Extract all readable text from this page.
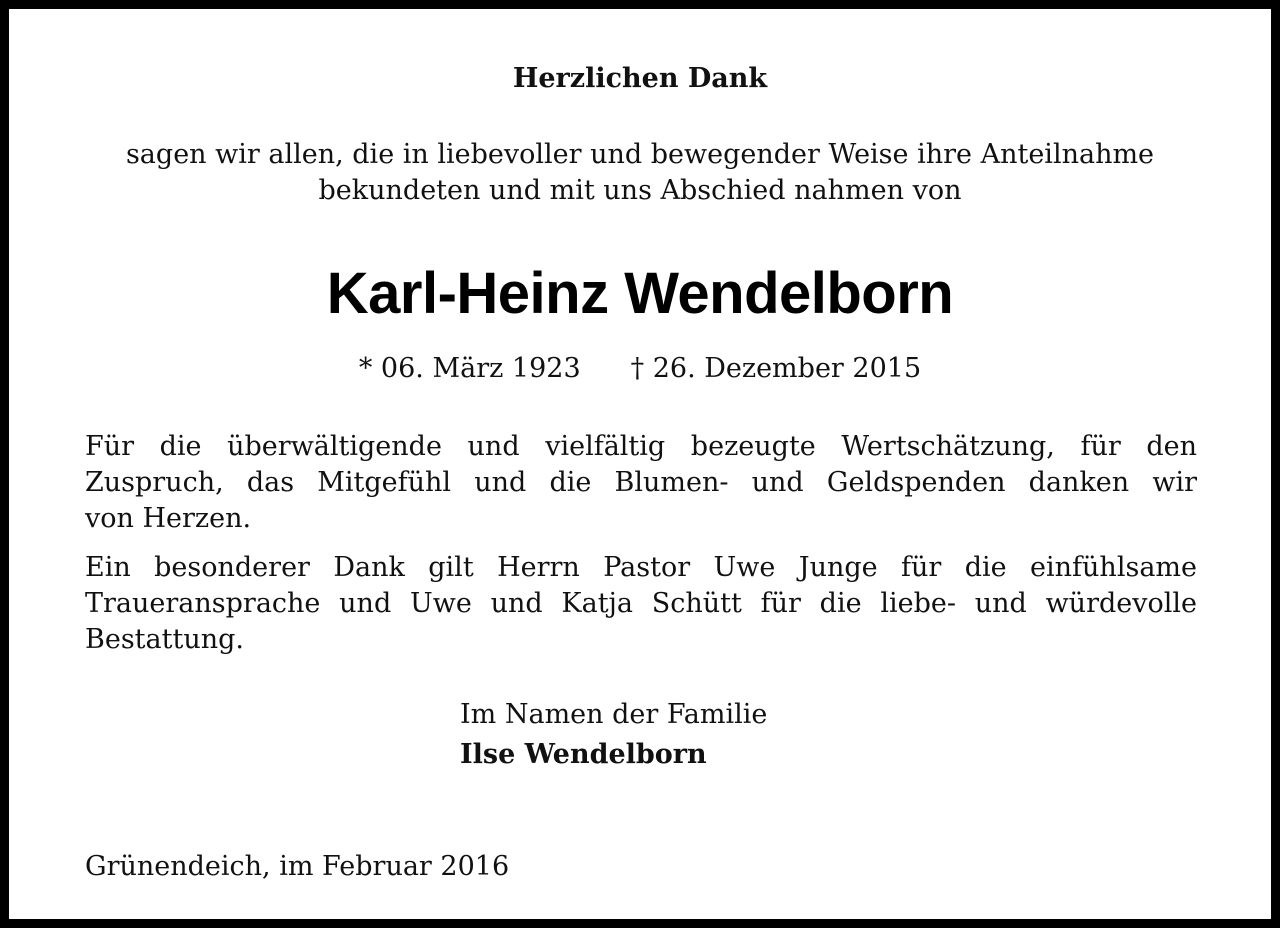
Herzlichen Dank
sagen wir allen, die in liebevoller und bewegender Weise ihre Anteilnahme
bekundeten und mit uns Abschied nahmen von
Karl-Heinz Wendelborn
* 06. März 1923 † 26. Dezember 2015
Für die überwältigende und vielfältig bezeugte Wertschätzung, für den
Zuspruch, das Mitgefühl und die Blumen- und Geldspenden danken wir
von Herzen.
Ein besonderer Dank gilt Herrn Pastor Uwe Junge für die einfühlsame
Traueransprache und Uwe und Katja Schütt für die liebe- und würdevolle
Bestattung.
Im Namen der Familie
Ilse Wendelborn
Grünendeich, im Februar 2016
